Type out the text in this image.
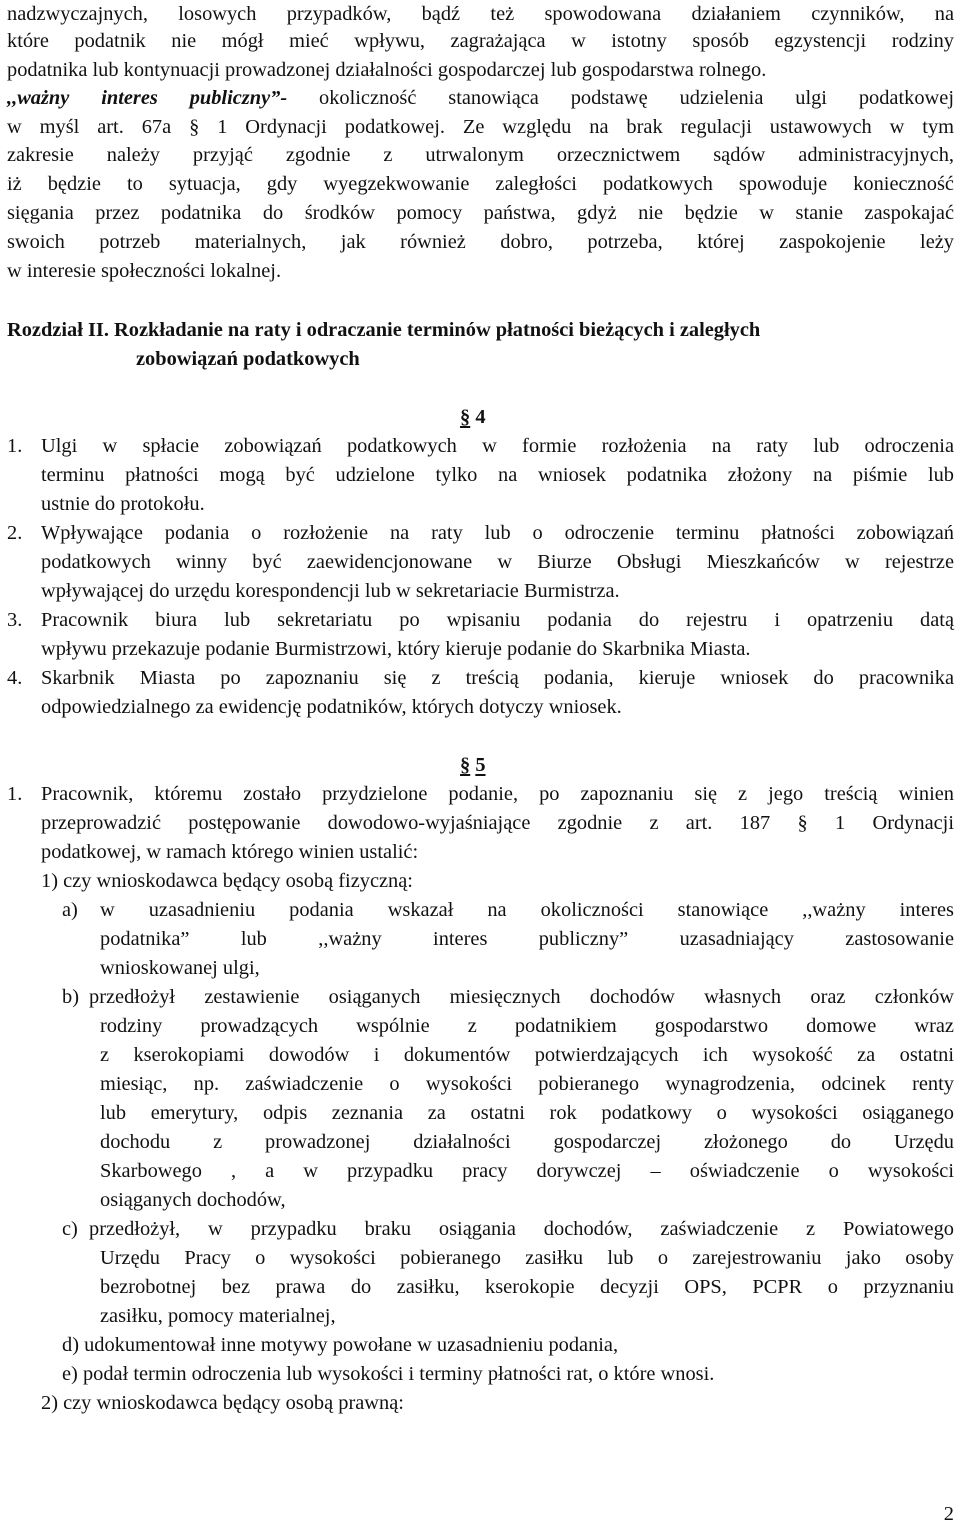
nadzwyczajnych, losowych przypadków, bądź też spowodowana działaniem czynników, na
które podatnik nie mógł mieć wpływu, zagrażająca w istotny sposób egzystencji rodziny
podatnika lub kontynuacji prowadzonej działalności gospodarczej lub gospodarstwa rolnego.
,,ważny interes publiczny”- okoliczność stanowiąca podstawę udzielenia ulgi podatkowej
w myśl art. 67a § 1 Ordynacji podatkowej. Ze względu na brak regulacji ustawowych w tym
zakresie należy przyjąć zgodnie z utrwalonym orzecznictwem sądów administracyjnych,
iż będzie to sytuacja, gdy wyegzekwowanie zaległości podatkowych spowoduje konieczność
sięgania przez podatnika do środków pomocy państwa, gdyż nie będzie w stanie zaspokajać
swoich potrzeb materialnych, jak również dobro, potrzeba, której zaspokojenie leży
w interesie społeczności lokalnej.
Rozdział II. Rozkładanie na raty i odraczanie terminów płatności bieżących i zaległych
zobowiązań podatkowych
§ 4
1. Ulgi w spłacie zobowiązań podatkowych w formie rozłożenia na raty lub odroczenia
terminu płatności mogą być udzielone tylko na wniosek podatnika złożony na piśmie lub
ustnie do protokołu.
2. Wpływające podania o rozłożenie na raty lub o odroczenie terminu płatności zobowiązań
podatkowych winny być zaewidencjonowane w Biurze Obsługi Mieszkańców w rejestrze
wpływającej do urzędu korespondencji lub w sekretariacie Burmistrza.
3. Pracownik biura lub sekretariatu po wpisaniu podania do rejestru i opatrzeniu datą
wpływu przekazuje podanie Burmistrzowi, który kieruje podanie do Skarbnika Miasta.
4. Skarbnik Miasta po zapoznaniu się z treścią podania, kieruje wniosek do pracownika
odpowiedzialnego za ewidencję podatników, których dotyczy wniosek.
§ 5
1. Pracownik, któremu zostało przydzielone podanie, po zapoznaniu się z jego treścią winien
przeprowadzić postępowanie dowodowo-wyjaśniające zgodnie z art. 187 § 1 Ordynacji
podatkowej, w ramach którego winien ustalić:
1) czy wnioskodawca będący osobą fizyczną:
a) w uzasadnieniu podania wskazał na okoliczności stanowiące ,,ważny interes
podatnika” lub ,,ważny interes publiczny” uzasadniający zastosowanie
wnioskowanej ulgi,
b) przedłożył zestawienie osiąganych miesięcznych dochodów własnych oraz członków
rodziny prowadzących wspólnie z podatnikiem gospodarstwo domowe wraz
z kserokopiami dowodów i dokumentów potwierdzających ich wysokość za ostatni
miesiąc, np. zaświadczenie o wysokości pobieranego wynagrodzenia, odcinek renty
lub emerytury, odpis zeznania za ostatni rok podatkowy o wysokości osiąganego
dochodu z prowadzonej działalności gospodarczej złożonego do Urzędu
Skarbowego , a w przypadku pracy dorywczej – oświadczenie o wysokości
osiąganych dochodów,
c) przedłożył, w przypadku braku osiągania dochodów, zaświadczenie z Powiatowego
Urzędu Pracy o wysokości pobieranego zasiłku lub o zarejestrowaniu jako osoby
bezrobotnej bez prawa do zasiłku, kserokopie decyzji OPS, PCPR o przyznaniu
zasiłku, pomocy materialnej,
d) udokumentował inne motywy powołane w uzasadnieniu podania,
e) podał termin odroczenia lub wysokości i terminy płatności rat, o które wnosi.
2) czy wnioskodawca będący osobą prawną:
2
